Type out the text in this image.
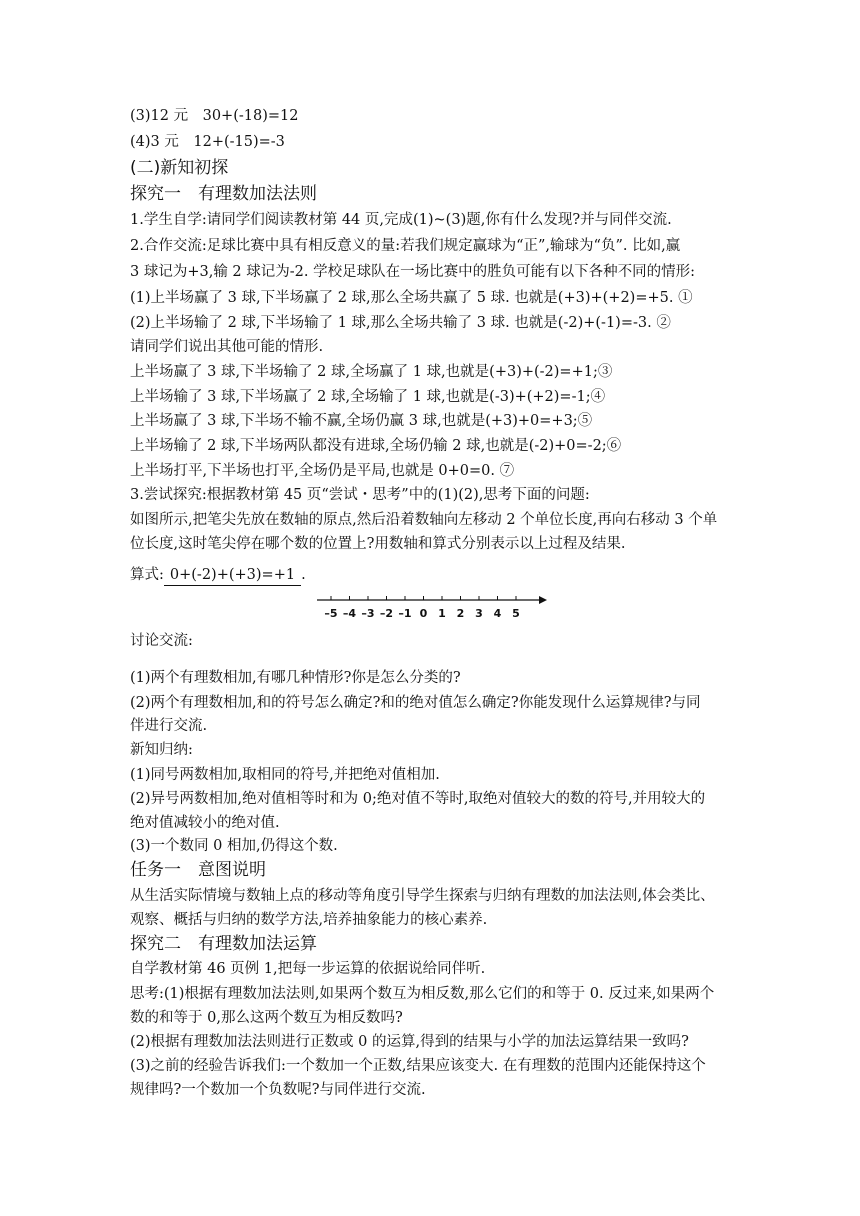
(3)12 元　30+(-18)=12
(4)3 元　12+(-15)=-3
(二)新知初探
探究一　有理数加法法则
1.学生自学:请同学们阅读教材第 44 页,完成(1)~(3)题,你有什么发现?并与同伴交流.
2.合作交流:足球比赛中具有相反意义的量:若我们规定赢球为“正”,输球为“负”. 比如,赢
3 球记为+3,输 2 球记为-2. 学校足球队在一场比赛中的胜负可能有以下各种不同的情形:
(1)上半场赢了 3 球,下半场赢了 2 球,那么全场共赢了 5 球. 也就是(+3)+(+2)=+5. ①
(2)上半场输了 2 球,下半场输了 1 球,那么全场共输了 3 球. 也就是(-2)+(-1)=-3. ②
请同学们说出其他可能的情形.
上半场赢了 3 球,下半场输了 2 球,全场赢了 1 球,也就是(+3)+(-2)=+1;③
上半场输了 3 球,下半场赢了 2 球,全场输了 1 球,也就是(-3)+(+2)=-1;④
上半场赢了 3 球,下半场不输不赢,全场仍赢 3 球,也就是(+3)+0=+3;⑤
上半场输了 2 球,下半场两队都没有进球,全场仍输 2 球,也就是(-2)+0=-2;⑥
上半场打平,下半场也打平,全场仍是平局,也就是 0+0=0. ⑦
3.尝试探究:根据教材第 45 页“尝试・思考”中的(1)(2),思考下面的问题:
如图所示,把笔尖先放在数轴的原点,然后沿着数轴向左移动 2 个单位长度,再向右移动 3 个单
位长度,这时笔尖停在哪个数的位置上?用数轴和算式分别表示以上过程及结果.
算式: 0+(-2)+(+3)=+1 .
–5 –4 –3 –2 –1 0 1 2 3 4 5
讨论交流:
(1)两个有理数相加,有哪几种情形?你是怎么分类的?
(2)两个有理数相加,和的符号怎么确定?和的绝对值怎么确定?你能发现什么运算规律?与同
伴进行交流.
新知归纳:
(1)同号两数相加,取相同的符号,并把绝对值相加.
(2)异号两数相加,绝对值相等时和为 0;绝对值不等时,取绝对值较大的数的符号,并用较大的
绝对值减较小的绝对值.
(3)一个数同 0 相加,仍得这个数.
任务一　意图说明
从生活实际情境与数轴上点的移动等角度引导学生探索与归纳有理数的加法法则,体会类比、
观察、概括与归纳的数学方法,培养抽象能力的核心素养.
探究二　有理数加法运算
自学教材第 46 页例 1,把每一步运算的依据说给同伴听.
思考:(1)根据有理数加法法则,如果两个数互为相反数,那么它们的和等于 0. 反过来,如果两个
数的和等于 0,那么这两个数互为相反数吗?
(2)根据有理数加法法则进行正数或 0 的运算,得到的结果与小学的加法运算结果一致吗?
(3)之前的经验告诉我们:一个数加一个正数,结果应该变大. 在有理数的范围内还能保持这个
规律吗?一个数加一个负数呢?与同伴进行交流.
